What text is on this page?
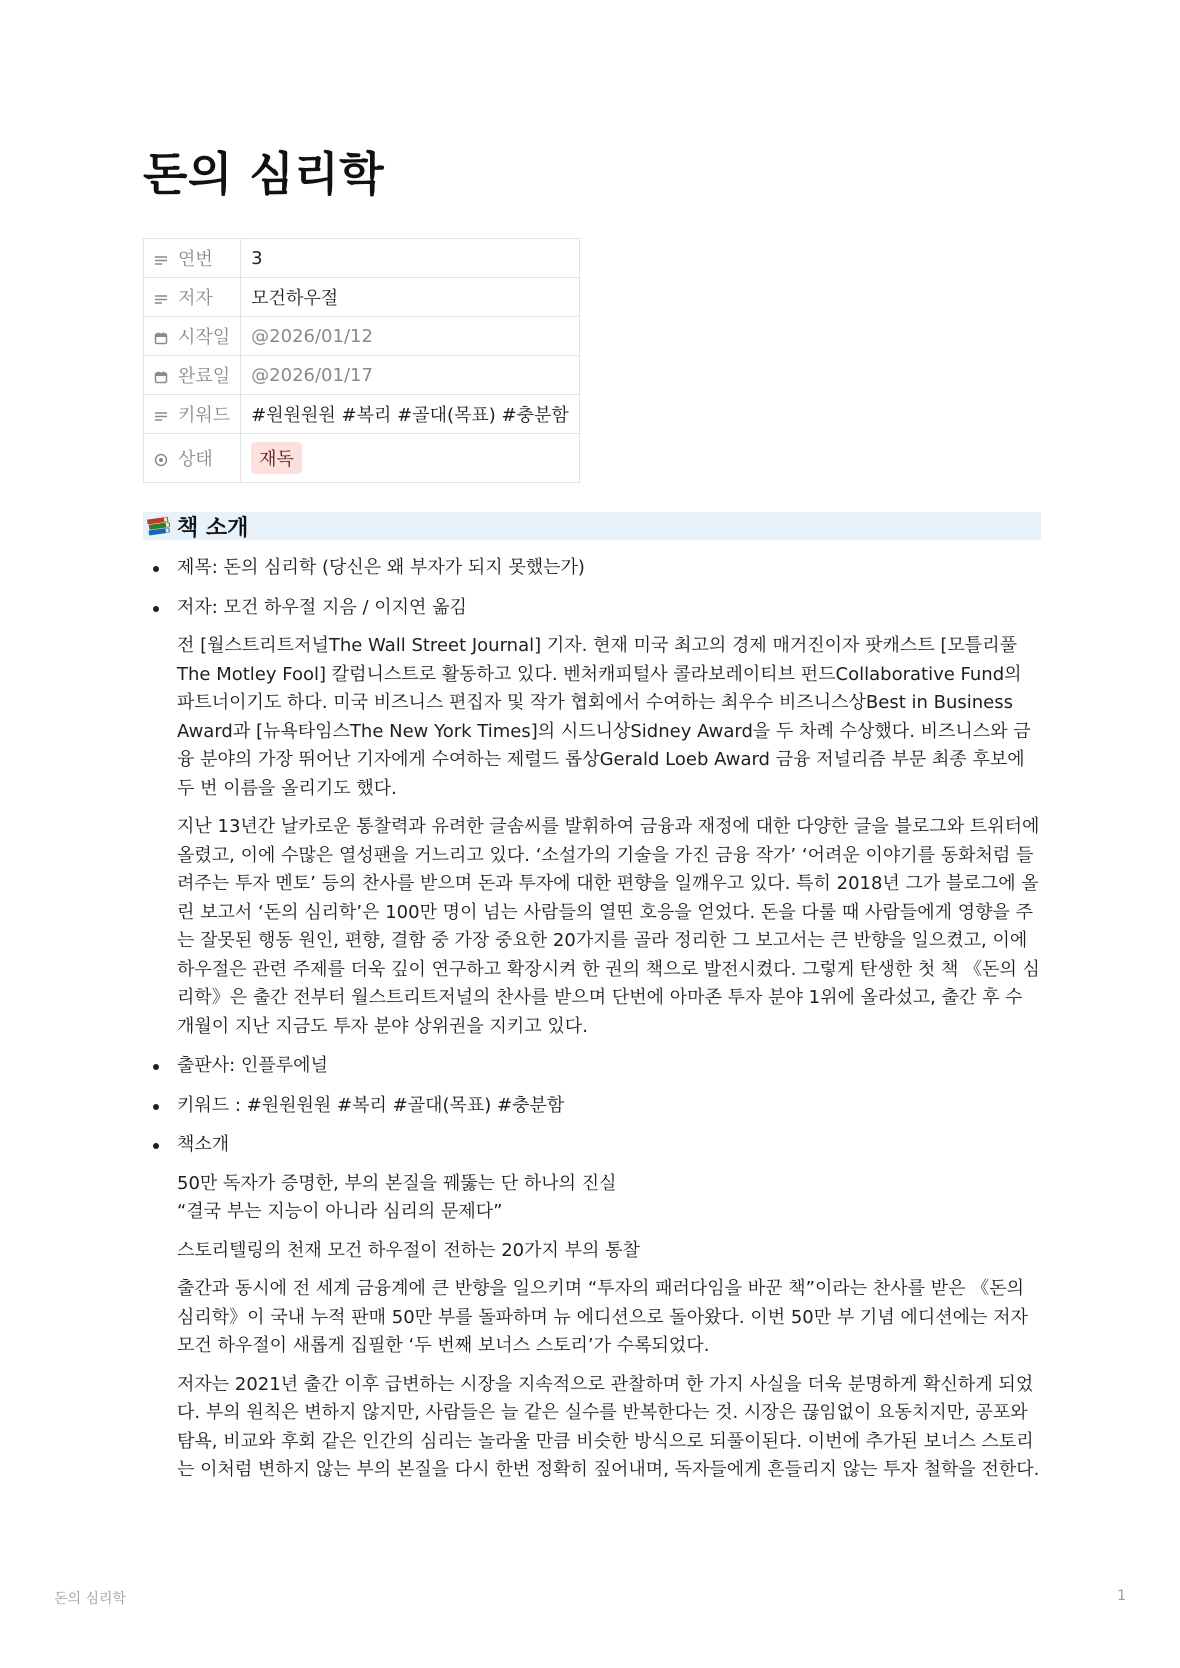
돈의 심리학
연번	3
저자	모건하우절
시작일	@2026/01/12
완료일	@2026/01/17
키워드	#원원원원 #복리 #골대(목표) #충분함
상태	재독
책 소개
제목: 돈의 심리학 (당신은 왜 부자가 되지 못했는가)
저자: 모건 하우절 지음 / 이지연 옮김

전 [월스트리트저널The Wall Street Journal] 기자. 현재 미국 최고의 경제 매거진이자 팟캐스트 [모틀리풀 The Motley Fool] 칼럼니스트로 활동하고 있다. 벤처캐피털사 콜라보레이티브 펀드Collaborative Fund의 파트너이기도 하다. 미국 비즈니스 편집자 및 작가 협회에서 수여하는 최우수 비즈니스상Best in Business Award과 [뉴욕타임스The New York Times]의 시드니상Sidney Award을 두 차례 수상했다. 비즈니스와 금융 분야의 가장 뛰어난 기자에게 수여하는 제럴드 롭상Gerald Loeb Award 금융 저널리즘 부문 최종 후보에 두 번 이름을 올리기도 했다.

지난 13년간 날카로운 통찰력과 유려한 글솜씨를 발휘하여 금융과 재정에 대한 다양한 글을 블로그와 트위터에 올렸고, 이에 수많은 열성팬을 거느리고 있다. ‘소설가의 기술을 가진 금융 작가’ ‘어려운 이야기를 동화처럼 들려주는 투자 멘토’ 등의 찬사를 받으며 돈과 투자에 대한 편향을 일깨우고 있다. 특히 2018년 그가 블로그에 올린 보고서 ‘돈의 심리학’은 100만 명이 넘는 사람들의 열띤 호응을 얻었다. 돈을 다룰 때 사람들에게 영향을 주는 잘못된 행동 원인, 편향, 결함 중 가장 중요한 20가지를 골라 정리한 그 보고서는 큰 반향을 일으켰고, 이에 하우절은 관련 주제를 더욱 깊이 연구하고 확장시켜 한 권의 책으로 발전시켰다. 그렇게 탄생한 첫 책 《돈의 심리학》은 출간 전부터 월스트리트저널의 찬사를 받으며 단번에 아마존 투자 분야 1위에 올라섰고, 출간 후 수 개월이 지난 지금도 투자 분야 상위권을 지키고 있다.

출판사: 인플루에널
키워드 : #원원원원 #복리 #골대(목표) #충분함
책소개

50만 독자가 증명한, 부의 본질을 꿰뚫는 단 하나의 진실
“결국 부는 지능이 아니라 심리의 문제다”

스토리텔링의 천재 모건 하우절이 전하는 20가지 부의 통찰

출간과 동시에 전 세계 금융계에 큰 반향을 일으키며 “투자의 패러다임을 바꾼 책”이라는 찬사를 받은 《돈의 심리학》이 국내 누적 판매 50만 부를 돌파하며 뉴 에디션으로 돌아왔다. 이번 50만 부 기념 에디션에는 저자 모건 하우절이 새롭게 집필한 ‘두 번째 보너스 스토리’가 수록되었다.

저자는 2021년 출간 이후 급변하는 시장을 지속적으로 관찰하며 한 가지 사실을 더욱 분명하게 확신하게 되었다. 부의 원칙은 변하지 않지만, 사람들은 늘 같은 실수를 반복한다는 것. 시장은 끊임없이 요동치지만, 공포와 탐욕, 비교와 후회 같은 인간의 심리는 놀라울 만큼 비슷한 방식으로 되풀이된다. 이번에 추가된 보너스 스토리는 이처럼 변하지 않는 부의 본질을 다시 한번 정확히 짚어내며, 독자들에게 흔들리지 않는 투자 철학을 전한다.

돈의 심리학	1
